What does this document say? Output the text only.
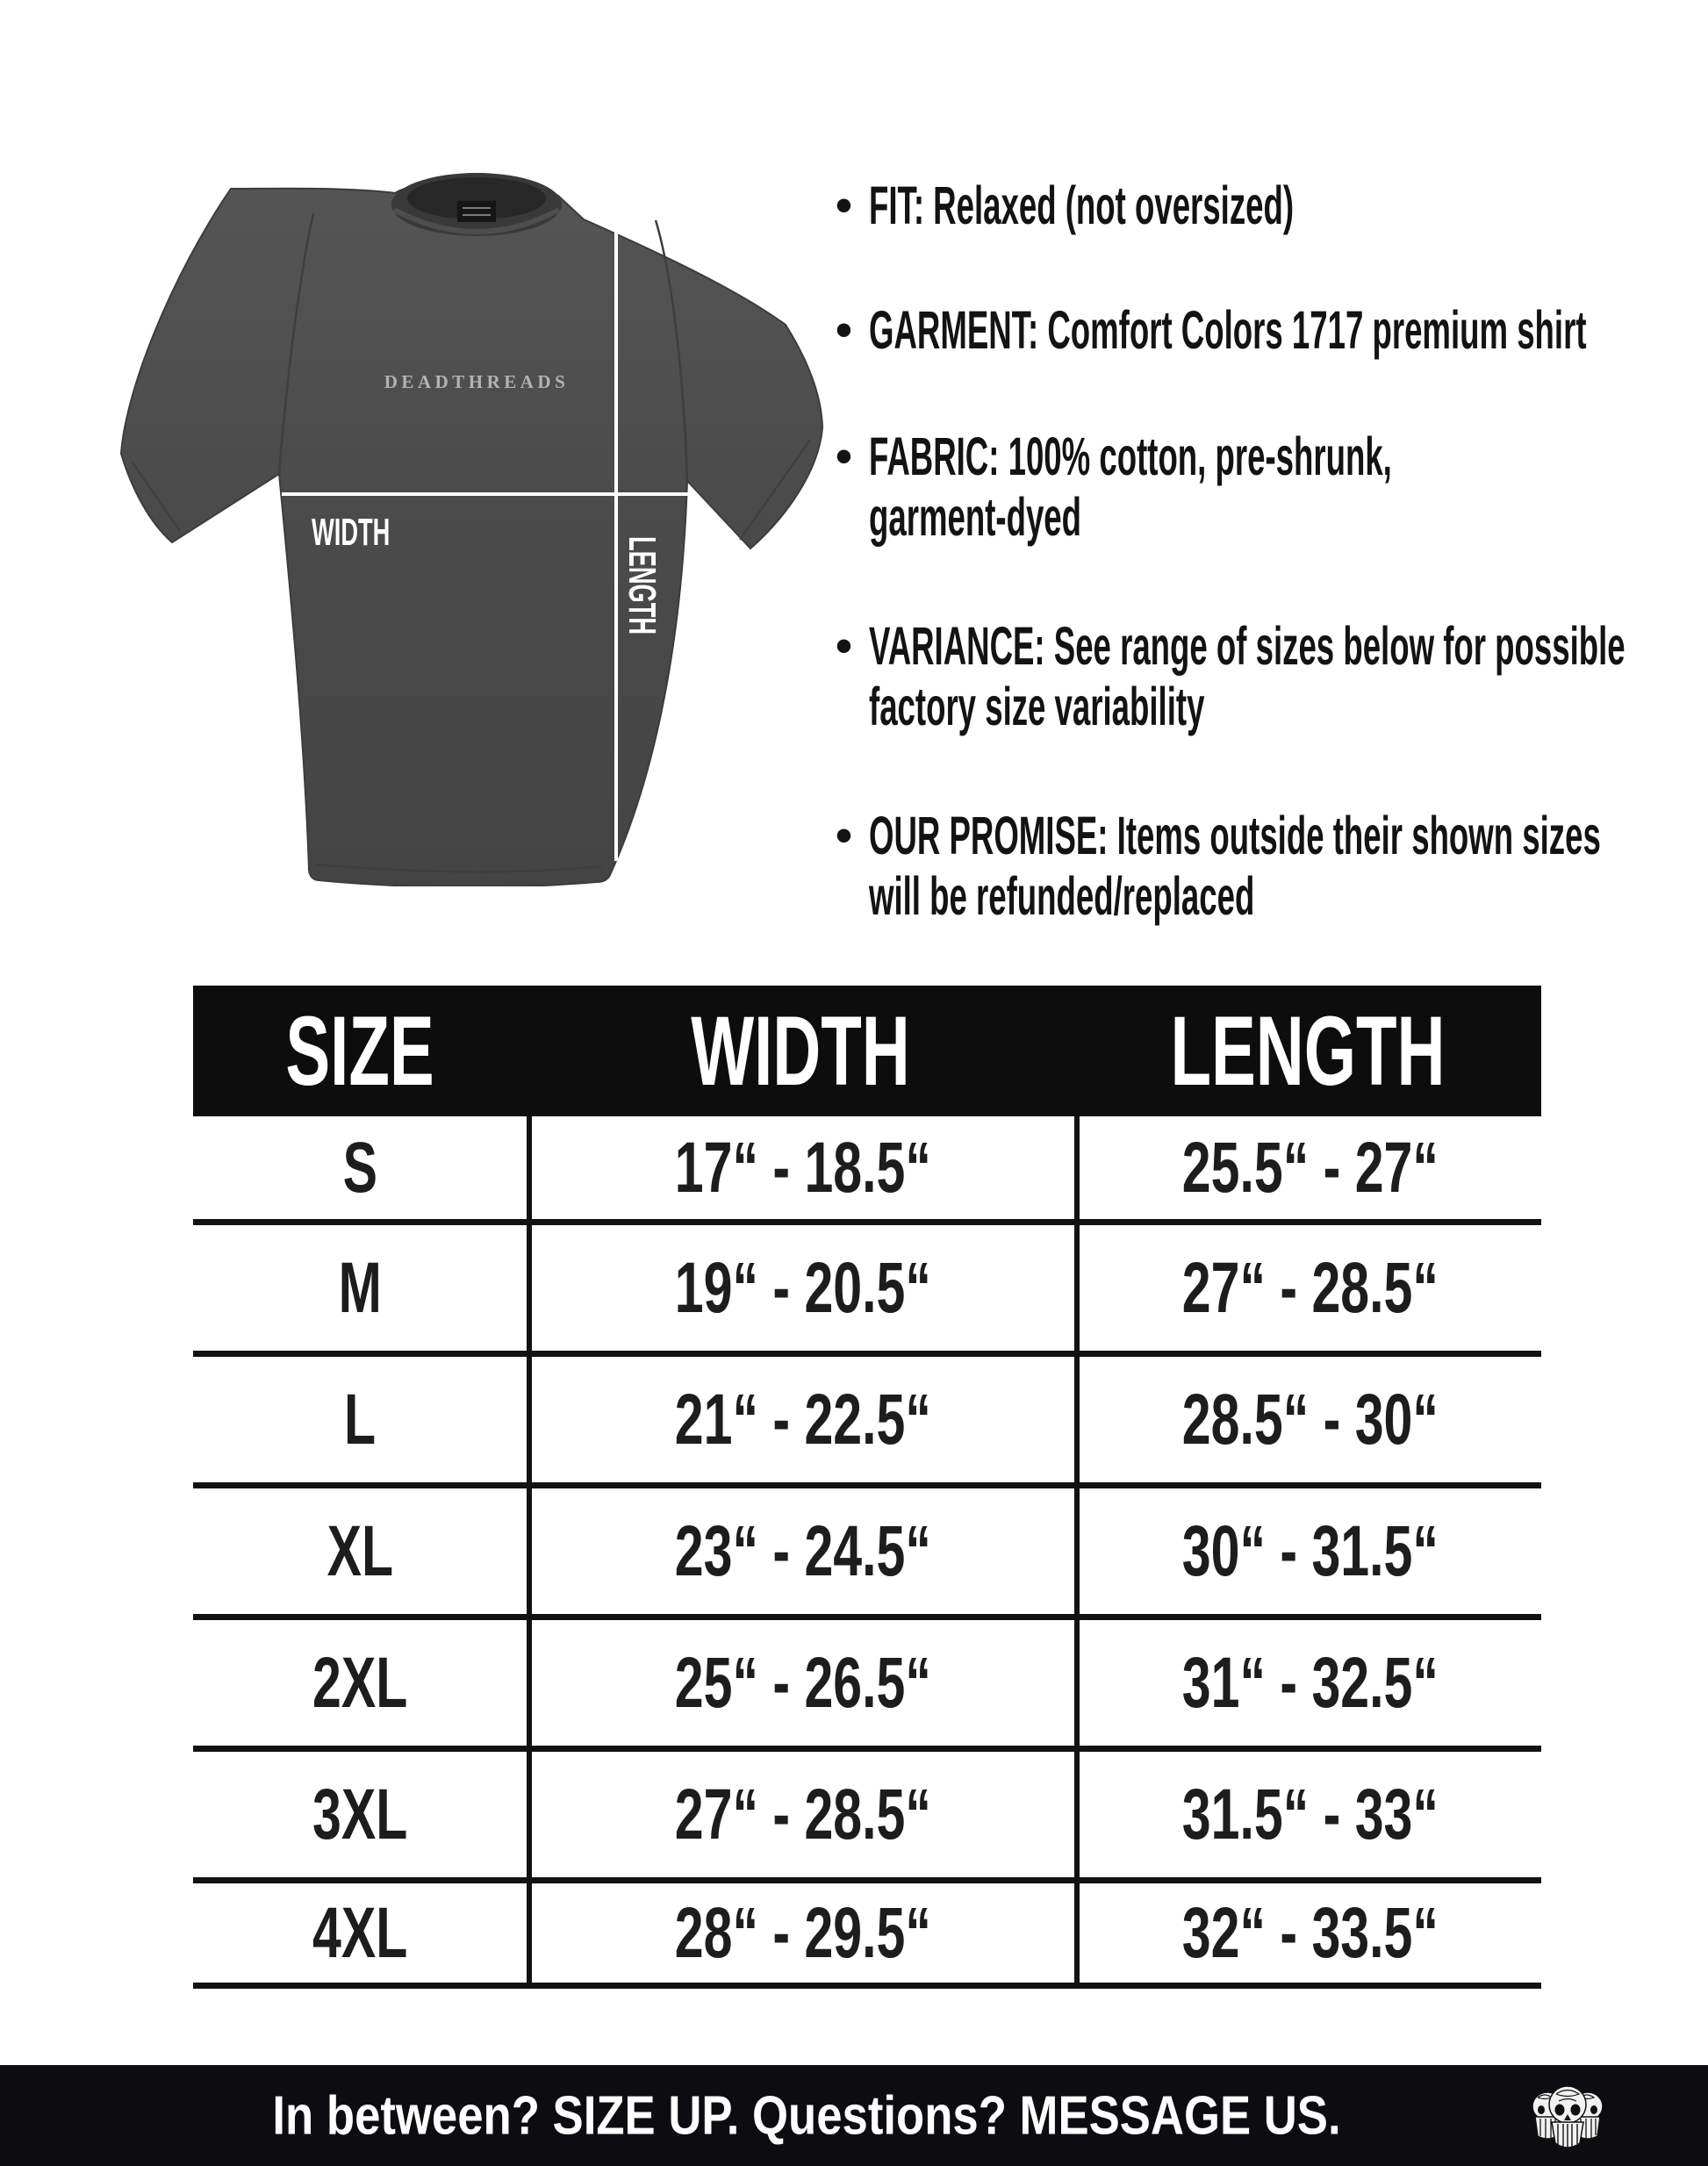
DEADTHREADS
WIDTH
LENGTH
• FIT: Relaxed (not oversized)

• GARMENT: Comfort Colors 1717 premium shirt

• FABRIC: 100% cotton, pre-shrunk,
garment-dyed
• VARIANCE: See range of sizes below for possible
factory size variability
• OUR PROMISE: Items outside their shown sizes
will be refunded/replaced
SIZE	WIDTH	LENGTH
S	17“ - 18.5“	25.5“ - 27“
M	19“ - 20.5“	27“ - 28.5“
L	21“ - 22.5“	28.5“ - 30“
XL	23“ - 24.5“	30“ - 31.5“
2XL	25“ - 26.5“	31“ - 32.5“
3XL	27“ - 28.5“	31.5“ - 33“
4XL	28“ - 29.5“	32“ - 33.5“
In between? SIZE UP. Questions? MESSAGE US.
